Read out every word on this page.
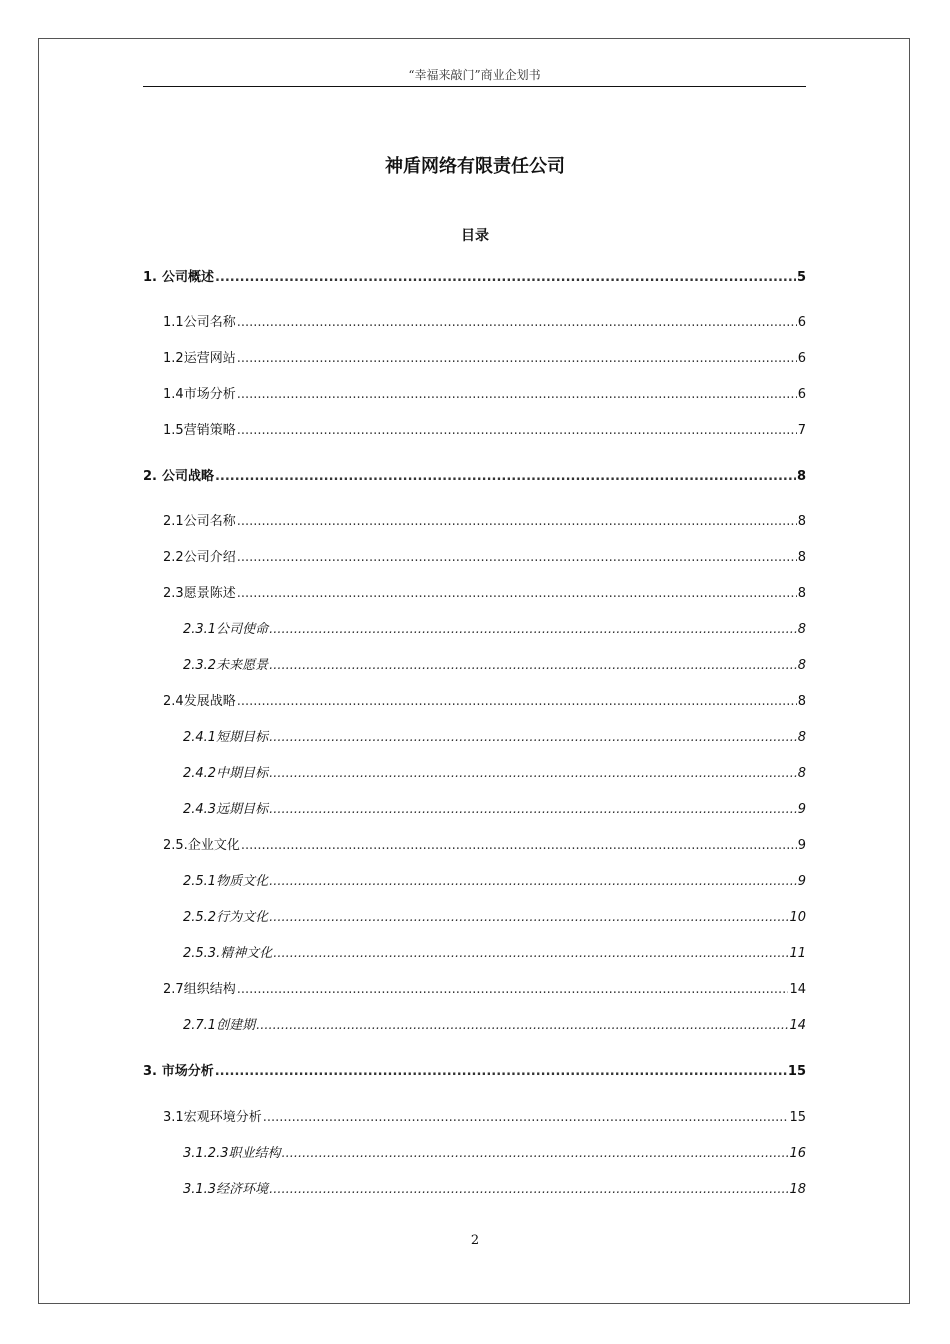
“幸福来敲门”商业企划书
神盾网络有限责任公司
目录
1. 公司概述 .....	5
1.1 公司名称 .....	6
1.2 运营网站 .....	6
1.4 市场分析 .....	6
1.5 营销策略 .....	7
2. 公司战略 .....	8
2.1 公司名称 .....	8
2.2 公司介绍 .....	8
2.3 愿景陈述 .....	8
2.3.1 公司使命 .....	8
2.3.2 未来愿景 .....	8
2.4 发展战略 .....	8
2.4.1 短期目标 .....	8
2.4.2 中期目标 .....	8
2.4.3 远期目标 .....	9
2.5. 企业文化 .....	9
2.5.1 物质文化 .....	9
2.5.2 行为文化 .....	10
2.5.3. 精神文化 .....	11
2.7 组织结构 .....	14
2.7.1 创建期 .....	14
3. 市场分析 .....	15
3.1 宏观环境分析 .....	15
3.1.2.3 职业结构 .....	16
3.1.3 经济环境 .....	18
2
